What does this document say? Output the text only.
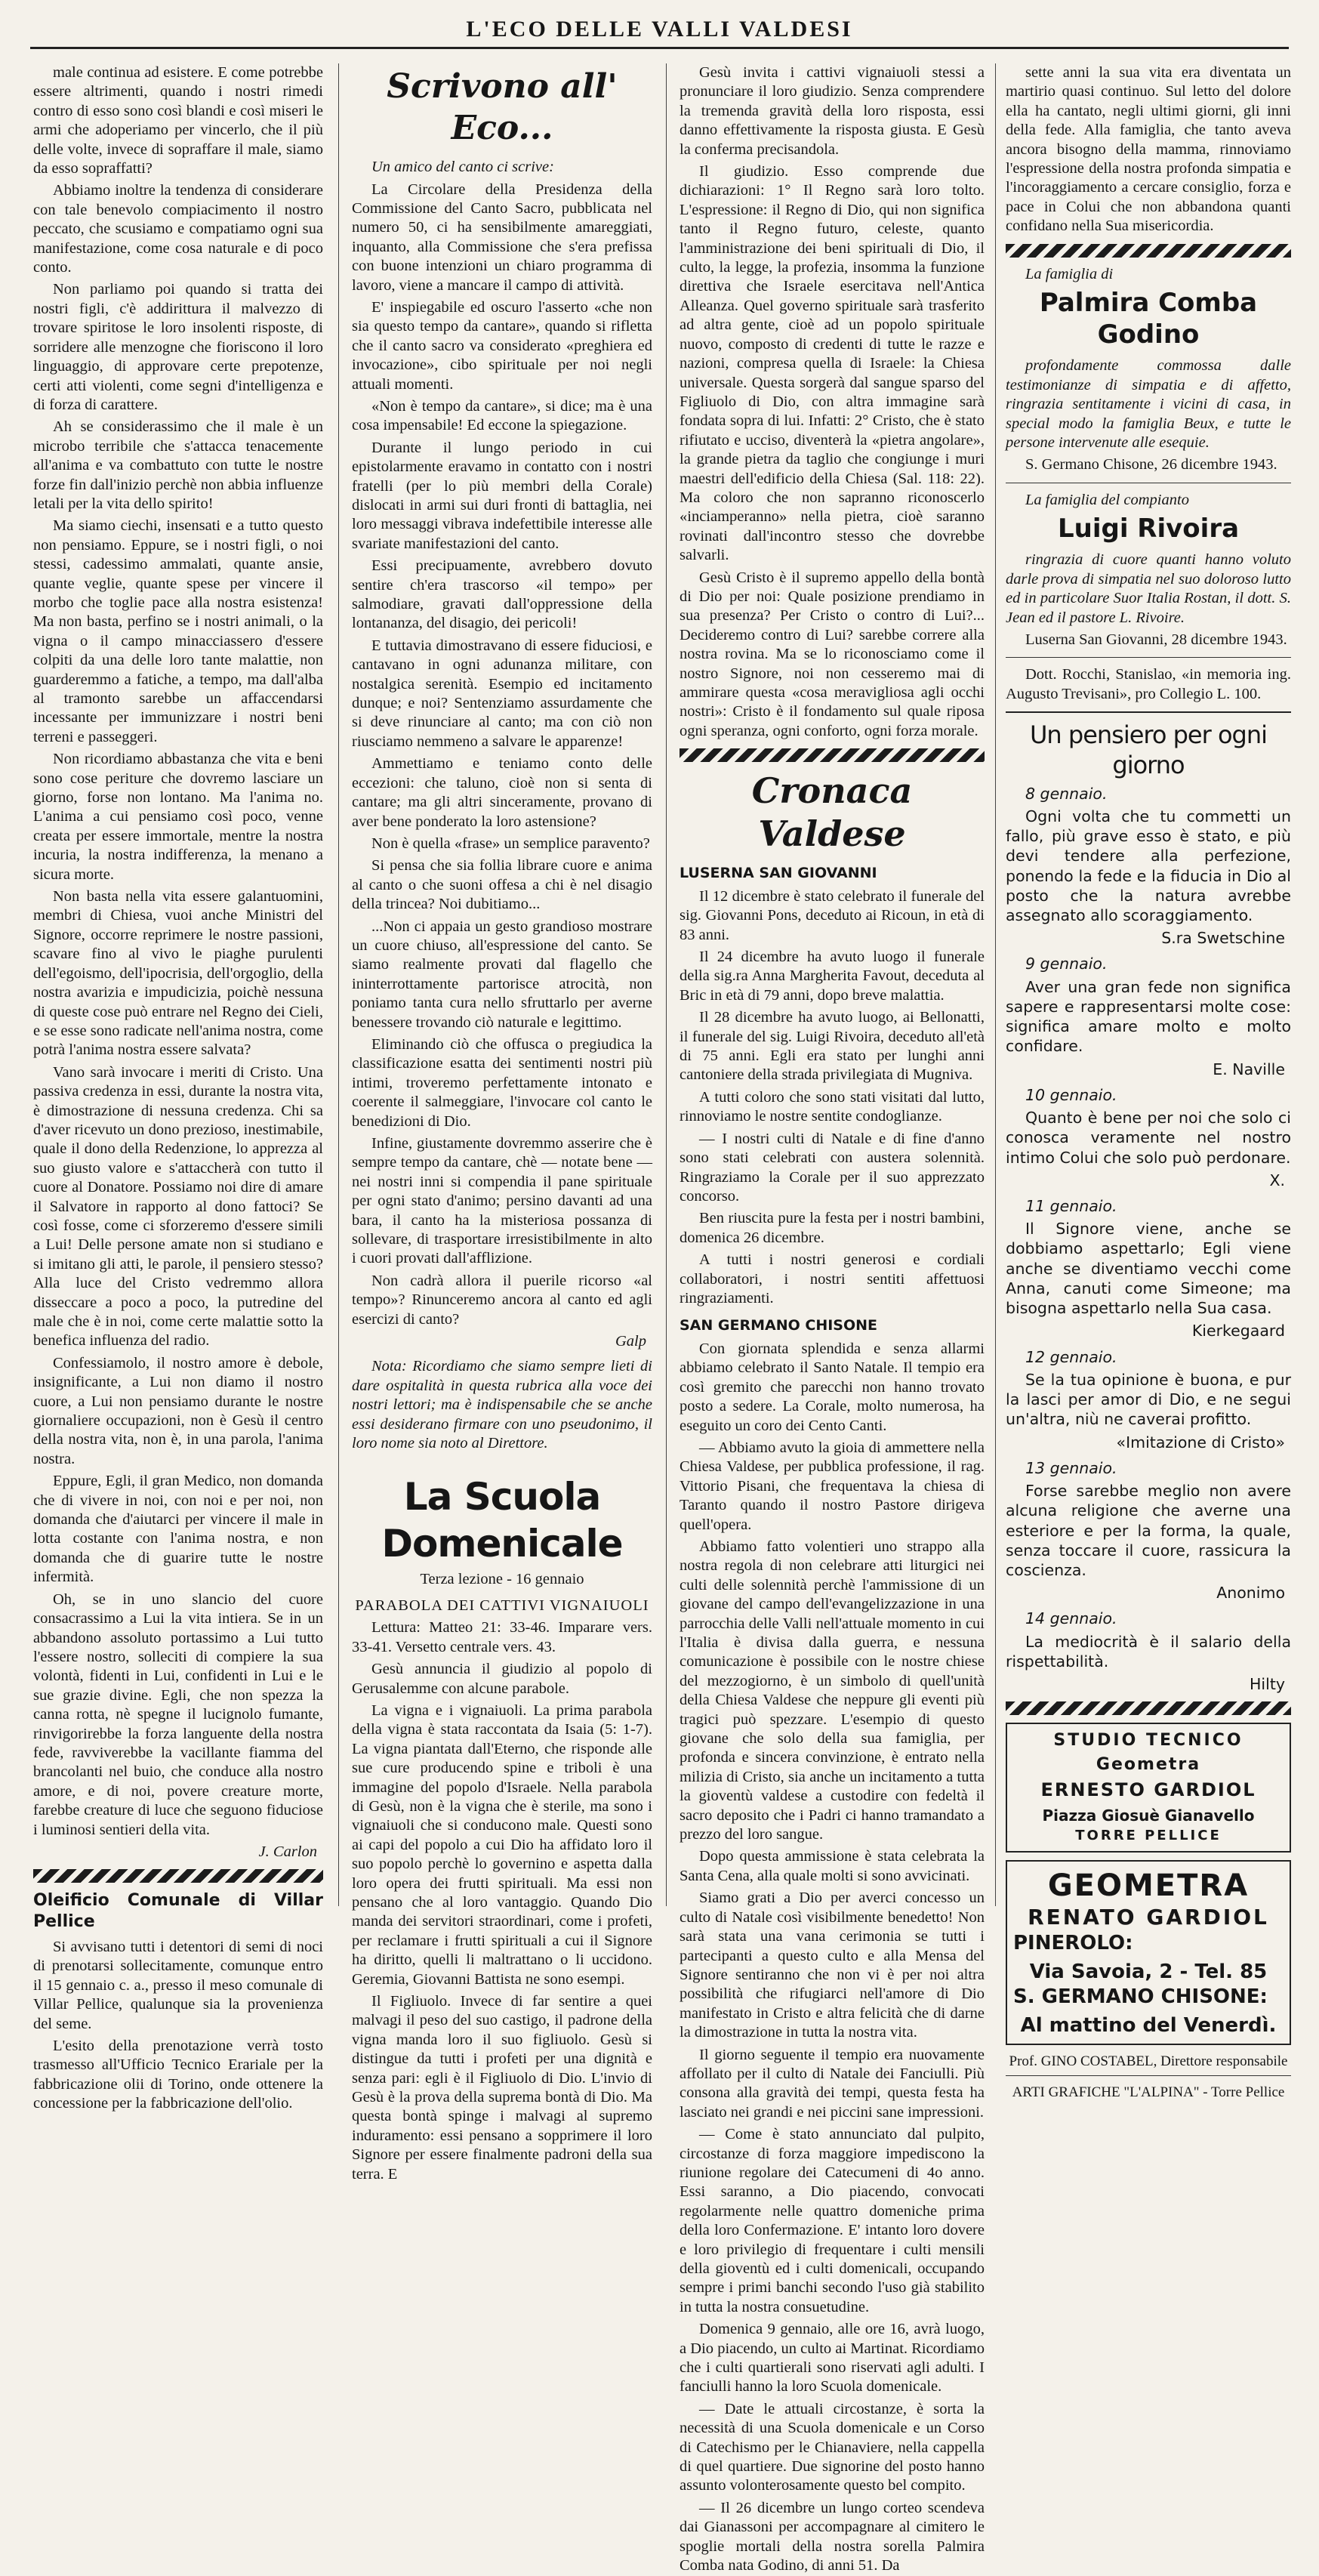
L'ECO DELLE VALLI VALDESI

male continua ad esistere. E come potrebbe essere altrimenti, quando i nostri rimedi contro di esso sono così blandi e così miseri le armi che adoperiamo per vincerlo, che il più delle volte, invece di sopraffare il male, siamo da esso sopraffatti?

Abbiamo inoltre la tendenza di considerare con tale benevolo compiacimento il nostro peccato, che scusiamo e compatiamo ogni sua manifestazione, come cosa naturale e di poco conto.

Non parliamo poi quando si tratta dei nostri figli, c'è addirittura il malvezzo di trovare spiritose le loro insolenti risposte, di sorridere alle menzogne che fioriscono il loro linguaggio, di approvare certe prepotenze, certi atti violenti, come segni d'intelligenza e di forza di carattere.

Ah se considerassimo che il male è un microbo terribile che s'attacca tenacemente all'anima e va combattuto con tutte le nostre forze fin dall'inizio perchè non abbia influenze letali per la vita dello spirito!

Ma siamo ciechi, insensati e a tutto questo non pensiamo. Eppure, se i nostri figli, o noi stessi, cadessimo ammalati, quante ansie, quante veglie, quante spese per vincere il morbo che toglie pace alla nostra esistenza! Ma non basta, perfino se i nostri animali, o la vigna o il campo minacciassero d'essere colpiti da una delle loro tante malattie, non guarderemmo a fatiche, a tempo, ma dall'alba al tramonto sarebbe un affaccendarsi incessante per immunizzare i nostri beni terreni e passeggeri.

Non ricordiamo abbastanza che vita e beni sono cose periture che dovremo lasciare un giorno, forse non lontano. Ma l'anima no. L'anima a cui pensiamo così poco, venne creata per essere immortale, mentre la nostra incuria, la nostra indifferenza, la menano a sicura morte.

Non basta nella vita essere galantuomini, membri di Chiesa, vuoi anche Ministri del Signore, occorre reprimere le nostre passioni, scavare fino al vivo le piaghe purulenti dell'egoismo, dell'ipocrisia, dell'orgoglio, della nostra avarizia e impudicizia, poichè nessuna di queste cose può entrare nel Regno dei Cieli, e se esse sono radicate nell'anima nostra, come potrà l'anima nostra essere salvata?

Vano sarà invocare i meriti di Cristo. Una passiva credenza in essi, durante la nostra vita, è dimostrazione di nessuna credenza. Chi sa d'aver ricevuto un dono prezioso, inestimabile, quale il dono della Redenzione, lo apprezza al suo giusto valore e s'attaccherà con tutto il cuore al Donatore. Possiamo noi dire di amare il Salvatore in rapporto al dono fattoci? Se così fosse, come ci sforzeremo d'essere simili a Lui! Delle persone amate non si studiano e si imitano gli atti, le parole, il pensiero stesso? Alla luce del Cristo vedremmo allora disseccare a poco a poco, la putredine del male che è in noi, come certe malattie sotto la benefica influenza del radio.

Confessiamolo, il nostro amore è debole, insignificante, a Lui non diamo il nostro cuore, a Lui non pensiamo durante le nostre giornaliere occupazioni, non è Gesù il centro della nostra vita, non è, in una parola, l'anima nostra.

Eppure, Egli, il gran Medico, non domanda che di vivere in noi, con noi e per noi, non domanda che d'aiutarci per vincere il male in lotta costante con l'anima nostra, e non domanda che di guarire tutte le nostre infermità.

Oh, se in uno slancio del cuore consacrassimo a Lui la vita intiera. Se in un abbandono assoluto portassimo a Lui tutto l'essere nostro, solleciti di compiere la sua volontà, fidenti in Lui, confidenti in Lui e le sue grazie divine. Egli, che non spezza la canna rotta, nè spegne il lucignolo fumante, rinvigorirebbe la forza languente della nostra fede, ravviverebbe la vacillante fiamma del brancolanti nel buio, che conduce alla nostro amore, e di noi, povere creature morte, farebbe creature di luce che seguono fiduciose i luminosi sentieri della vita.

J. Carlon
Oleificio Comunale di Villar Pellice

Si avvisano tutti i detentori di semi di noci di prenotarsi sollecitamente, comunque entro il 15 gennaio c. a., presso il meso comunale di Villar Pellice, qualunque sia la provenienza del seme.

L'esito della prenotazione verrà tosto trasmesso all'Ufficio Tecnico Erariale per la fabbricazione olii di Torino, onde ottenere la concessione per la fabbricazione dell'olio.

Scrivono all' Eco...

Un amico del canto ci scrive:

La Circolare della Presidenza della Commissione del Canto Sacro, pubblicata nel numero 50, ci ha sensibilmente amareggiati, inquanto, alla Commissione che s'era prefissa con buone intenzioni un chiaro programma di lavoro, viene a mancare il campo di attività.

E' inspiegabile ed oscuro l'asserto «che non sia questo tempo da cantare», quando si rifletta che il canto sacro va considerato «preghiera ed invocazione», cibo spirituale per noi negli attuali momenti.

«Non è tempo da cantare», si dice; ma è una cosa impensabile! Ed eccone la spiegazione.

Durante il lungo periodo in cui epistolarmente eravamo in contatto con i nostri fratelli (per lo più membri della Corale) dislocati in armi sui duri fronti di battaglia, nei loro messaggi vibrava indefettibile interesse alle svariate manifestazioni del canto.

Essi precipuamente, avrebbero dovuto sentire ch'era trascorso «il tempo» per salmodiare, gravati dall'oppressione della lontananza, del disagio, dei pericoli!

E tuttavia dimostravano di essere fiduciosi, e cantavano in ogni adunanza militare, con nostalgica serenità. Esempio ed incitamento dunque; e noi? Sentenziamo assurdamente che si deve rinunciare al canto; ma con ciò non riusciamo nemmeno a salvare le apparenze!

Ammettiamo e teniamo conto delle eccezioni: che taluno, cioè non si senta di cantare; ma gli altri sinceramente, provano di aver bene ponderato la loro astensione?

Non è quella «frase» un semplice paravento?

Si pensa che sia follia librare cuore e anima al canto o che suoni offesa a chi è nel disagio della trincea? Noi dubitiamo...

...Non ci appaia un gesto grandioso mostrare un cuore chiuso, all'espressione del canto. Se siamo realmente provati dal flagello che ininterrottamente partorisce atrocità, non poniamo tanta cura nello sfruttarlo per averne benessere trovando ciò naturale e legittimo.

Eliminando ciò che offusca o pregiudica la classificazione esatta dei sentimenti nostri più intimi, troveremo perfettamente intonato e coerente il salmeggiare, l'invocare col canto le benedizioni di Dio.

Infine, giustamente dovremmo asserire che è sempre tempo da cantare, chè — notate bene — nei nostri inni si compendia il pane spirituale per ogni stato d'animo; persino davanti ad una bara, il canto ha la misteriosa possanza di sollevare, di trasportare irresistibilmente in alto i cuori provati dall'afflizione.

Non cadrà allora il puerile ricorso «al tempo»? Rinunceremo ancora al canto ed agli esercizi di canto?

Galp

Nota: Ricordiamo che siamo sempre lieti di dare ospitalità in questa rubrica alla voce dei nostri lettori; ma è indispensabile che se anche essi desiderano firmare con uno pseudonimo, il loro nome sia noto al Direttore.

La Scuola Domenicale

Terza lezione - 16 gennaio

PARABOLA DEI CATTIVI VIGNAIUOLI

Lettura: Matteo 21: 33-46. Imparare vers. 33-41. Versetto centrale vers. 43.

Gesù annuncia il giudizio al popolo di Gerusalemme con alcune parabole.

La vigna e i vignaiuoli. La prima parabola della vigna è stata raccontata da Isaia (5: 1-7). La vigna piantata dall'Eterno, che risponde alle sue cure producendo spine e triboli è una immagine del popolo d'Israele. Nella parabola di Gesù, non è la vigna che è sterile, ma sono i vignaiuoli che si conducono male. Questi sono ai capi del popolo a cui Dio ha affidato loro il suo popolo perchè lo governino e aspetta dalla loro opera dei frutti spirituali. Ma essi non pensano che al loro vantaggio. Quando Dio manda dei servitori straordinari, come i profeti, per reclamare i frutti spirituali a cui il Signore ha diritto, quelli li maltrattano o li uccidono. Geremia, Giovanni Battista ne sono esempi.

Il Figliuolo. Invece di far sentire a quei malvagi il peso del suo castigo, il padrone della vigna manda loro il suo figliuolo. Gesù si distingue da tutti i profeti per una dignità e senza pari: egli è il Figliuolo di Dio. L'invio di Gesù è la prova della suprema bontà di Dio. Ma questa bontà spinge i malvagi al supremo induramento: essi pensano a sopprimere il loro Signore per essere finalmente padroni della sua terra. E

Gesù invita i cattivi vignaiuoli stessi a pronunciare il loro giudizio. Senza comprendere la tremenda gravità della loro risposta, essi danno effettivamente la risposta giusta. E Gesù la conferma precisandola.

Il giudizio. Esso comprende due dichiarazioni: 1° Il Regno sarà loro tolto. L'espressione: il Regno di Dio, qui non significa tanto il Regno futuro, celeste, quanto l'amministrazione dei beni spirituali di Dio, il culto, la legge, la profezia, insomma la funzione direttiva che Israele esercitava nell'Antica Alleanza. Quel governo spirituale sarà trasferito ad altra gente, cioè ad un popolo spirituale nuovo, composto di credenti di tutte le razze e nazioni, compresa quella di Israele: la Chiesa universale. Questa sorgerà dal sangue sparso del Figliuolo di Dio, con altra immagine sarà fondata sopra di lui. Infatti: 2° Cristo, che è stato rifiutato e ucciso, diventerà la «pietra angolare», la grande pietra da taglio che congiunge i muri maestri dell'edificio della Chiesa (Sal. 118: 22). Ma coloro che non sapranno riconoscerlo «inciamperanno» nella pietra, cioè saranno rovinati dall'incontro stesso che dovrebbe salvarli.

Gesù Cristo è il supremo appello della bontà di Dio per noi: Quale posizione prendiamo in sua presenza? Per Cristo o contro di Lui?... Decideremo contro di Lui? sarebbe correre alla nostra rovina. Ma se lo riconosciamo come il nostro Signore, noi non cesseremo mai di ammirare questa «cosa meravigliosa agli occhi nostri»: Cristo è il fondamento sul quale riposa ogni speranza, ogni conforto, ogni forza morale.

Cronaca Valdese
LUSERNA SAN GIOVANNI

Il 12 dicembre è stato celebrato il funerale del sig. Giovanni Pons, deceduto ai Ricoun, in età di 83 anni.

Il 24 dicembre ha avuto luogo il funerale della sig.ra Anna Margherita Favout, deceduta al Bric in età di 79 anni, dopo breve malattia.

Il 28 dicembre ha avuto luogo, ai Bellonatti, il funerale del sig. Luigi Rivoira, deceduto all'età di 75 anni. Egli era stato per lunghi anni cantoniere della strada privilegiata di Mugniva.

A tutti coloro che sono stati visitati dal lutto, rinnoviamo le nostre sentite condoglianze.

— I nostri culti di Natale e di fine d'anno sono stati celebrati con austera solennità. Ringraziamo la Corale per il suo apprezzato concorso.

Ben riuscita pure la festa per i nostri bambini, domenica 26 dicembre.

A tutti i nostri generosi e cordiali collaboratori, i nostri sentiti affettuosi ringraziamenti.

SAN GERMANO CHISONE

Con giornata splendida e senza allarmi abbiamo celebrato il Santo Natale. Il tempio era così gremito che parecchi non hanno trovato posto a sedere. La Corale, molto numerosa, ha eseguito un coro dei Cento Canti.

— Abbiamo avuto la gioia di ammettere nella Chiesa Valdese, per pubblica professione, il rag. Vittorio Pisani, che frequentava la chiesa di Taranto quando il nostro Pastore dirigeva quell'opera.

Abbiamo fatto volentieri uno strappo alla nostra regola di non celebrare atti liturgici nei culti delle solennità perchè l'ammissione di un giovane del campo dell'evangelizzazione in una parrocchia delle Valli nell'attuale momento in cui l'Italia è divisa dalla guerra, e nessuna comunicazione è possibile con le nostre chiese del mezzogiorno, è un simbolo di quell'unità della Chiesa Valdese che neppure gli eventi più tragici può spezzare. L'esempio di questo giovane che solo della sua famiglia, per profonda e sincera convinzione, è entrato nella milizia di Cristo, sia anche un incitamento a tutta la gioventù valdese a custodire con fedeltà il sacro deposito che i Padri ci hanno tramandato a prezzo del loro sangue.

Dopo questa ammissione è stata celebrata la Santa Cena, alla quale molti si sono avvicinati.

Siamo grati a Dio per averci concesso un culto di Natale così visibilmente benedetto! Non sarà stata una vana cerimonia se tutti i partecipanti a questo culto e alla Mensa del Signore sentiranno che non vi è per noi altra possibilità che rifugiarci nell'amore di Dio manifestato in Cristo e altra felicità che di darne la dimostrazione in tutta la nostra vita.

Il giorno seguente il tempio era nuovamente affollato per il culto di Natale dei Fanciulli. Più consona alla gravità dei tempi, questa festa ha lasciato nei grandi e nei piccini sane impressioni.

— Come è stato annunciato dal pulpito, circostanze di forza maggiore impediscono la riunione regolare dei Catecumeni di 4o anno. Essi saranno, a Dio piacendo, convocati regolarmente nelle quattro domeniche prima della loro Confermazione. E' intanto loro dovere e loro privilegio di frequentare i culti mensili della gioventù ed i culti domenicali, occupando sempre i primi banchi secondo l'uso già stabilito in tutta la nostra consuetudine.

Domenica 9 gennaio, alle ore 16, avrà luogo, a Dio piacendo, un culto ai Martinat. Ricordiamo che i culti quartierali sono riservati agli adulti. I fanciulli hanno la loro Scuola domenicale.

— Date le attuali circostanze, è sorta la necessità di una Scuola domenicale e un Corso di Catechismo per le Chianaviere, nella cappella di quel quartiere. Due signorine del posto hanno assunto volonterosamente questo bel compito.

— Il 26 dicembre un lungo corteo scendeva dai Gianassoni per accompagnare al cimitero le spoglie mortali della nostra sorella Palmira Comba nata Godino, di anni 51. Da

sette anni la sua vita era diventata un martirio quasi continuo. Sul letto del dolore ella ha cantato, negli ultimi giorni, gli inni della fede. Alla famiglia, che tanto aveva ancora bisogno della mamma, rinnoviamo l'espressione della nostra profonda simpatia e l'incoraggiamento a cercare consiglio, forza e pace in Colui che non abbandona quanti confidano nella Sua misericordia.

La famiglia di

Palmira Comba Godino

profondamente commossa dalle testimonianze di simpatia e di affetto, ringrazia sentitamente i vicini di casa, in special modo la famiglia Beux, e tutte le persone intervenute alle esequie.

S. Germano Chisone, 26 dicembre 1943.

La famiglia del compianto

Luigi Rivoira

ringrazia di cuore quanti hanno voluto darle prova di simpatia nel suo doloroso lutto ed in particolare Suor Italia Rostan, il dott. S. Jean ed il pastore L. Rivoire.

Luserna San Giovanni, 28 dicembre 1943.

Dott. Rocchi, Stanislao, «in memoria ing. Augusto Trevisani», pro Collegio L. 100.

Un pensiero per ogni giorno

8 gennaio.

Ogni volta che tu commetti un fallo, più grave esso è stato, e più devi tendere alla perfezione, ponendo la fede e la fiducia in Dio al posto che la natura avrebbe assegnato allo scoraggiamento.

S.ra Swetschine

9 gennaio.

Aver una gran fede non significa sapere e rappresentarsi molte cose: significa amare molto e molto confidare.

E. Naville

10 gennaio.

Quanto è bene per noi che solo ci conosca veramente nel nostro intimo Colui che solo può perdonare.

X.

11 gennaio.

Il Signore viene, anche se dobbiamo aspettarlo; Egli viene anche se diventiamo vecchi come Anna, canuti come Simeone; ma bisogna aspettarlo nella Sua casa.

Kierkegaard

12 gennaio.

Se la tua opinione è buona, e pur la lasci per amor di Dio, e ne segui un'altra, niù ne caverai profitto.

«Imitazione di Cristo»

13 gennaio.

Forse sarebbe meglio non avere alcuna religione che averne una esteriore e per la forma, la quale, senza toccare il cuore, rassicura la coscienza.

Anonimo

14 gennaio.

La mediocrità è il salario della rispettabilità.

Hilty
STUDIO TECNICO
Geometra
ERNESTO GARDIOL
Piazza Giosuè Gianavello
TORRE PELLICE
GEOMETRA
RENATO GARDIOL
PINEROLO:
Via Savoia, 2 - Tel. 85
S. GERMANO CHISONE:
Al mattino del Venerdì.
Prof. GINO COSTABEL, Direttore responsabile
ARTI GRAFICHE "L'ALPINA" - Torre Pellice
